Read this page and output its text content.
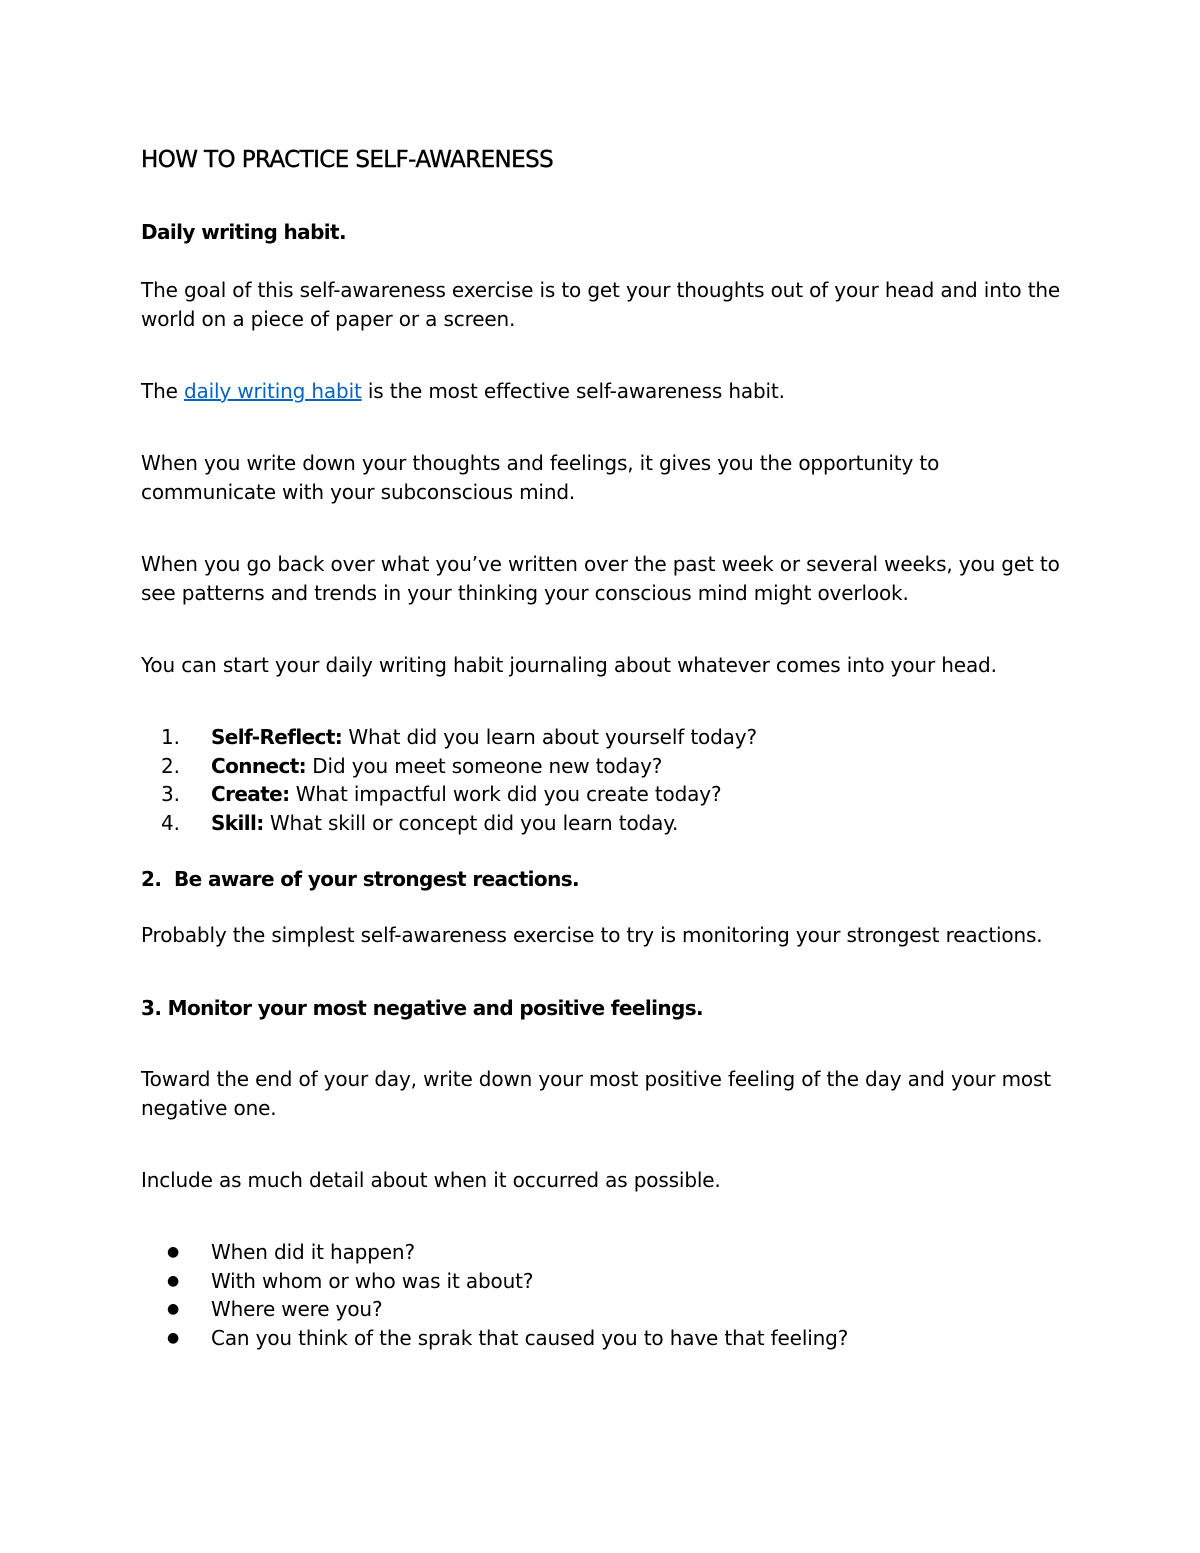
HOW TO PRACTICE SELF-AWARENESS
Daily writing habit.

The goal of this self-awareness exercise is to get your thoughts out of your head and into the world on a piece of paper or a screen.

The daily writing habit is the most effective self-awareness habit.

When you write down your thoughts and feelings, it gives you the opportunity to communicate with your subconscious mind.

When you go back over what you’ve written over the past week or several weeks, you get to see patterns and trends in your thinking your conscious mind might overlook.

You can start your daily writing habit journaling about whatever comes into your head.

1. Self-Reflect: What did you learn about yourself today?
2. Connect: Did you meet someone new today?
3. Create: What impactful work did you create today?
4. Skill: What skill or concept did you learn today.
2.  Be aware of your strongest reactions.

Probably the simplest self-awareness exercise to try is monitoring your strongest reactions.

3. Monitor your most negative and positive feelings.

Toward the end of your day, write down your most positive feeling of the day and your most negative one.

Include as much detail about when it occurred as possible.

● When did it happen?
● With whom or who was it about?
● Where were you?
● Can you think of the sprak that caused you to have that feeling?
